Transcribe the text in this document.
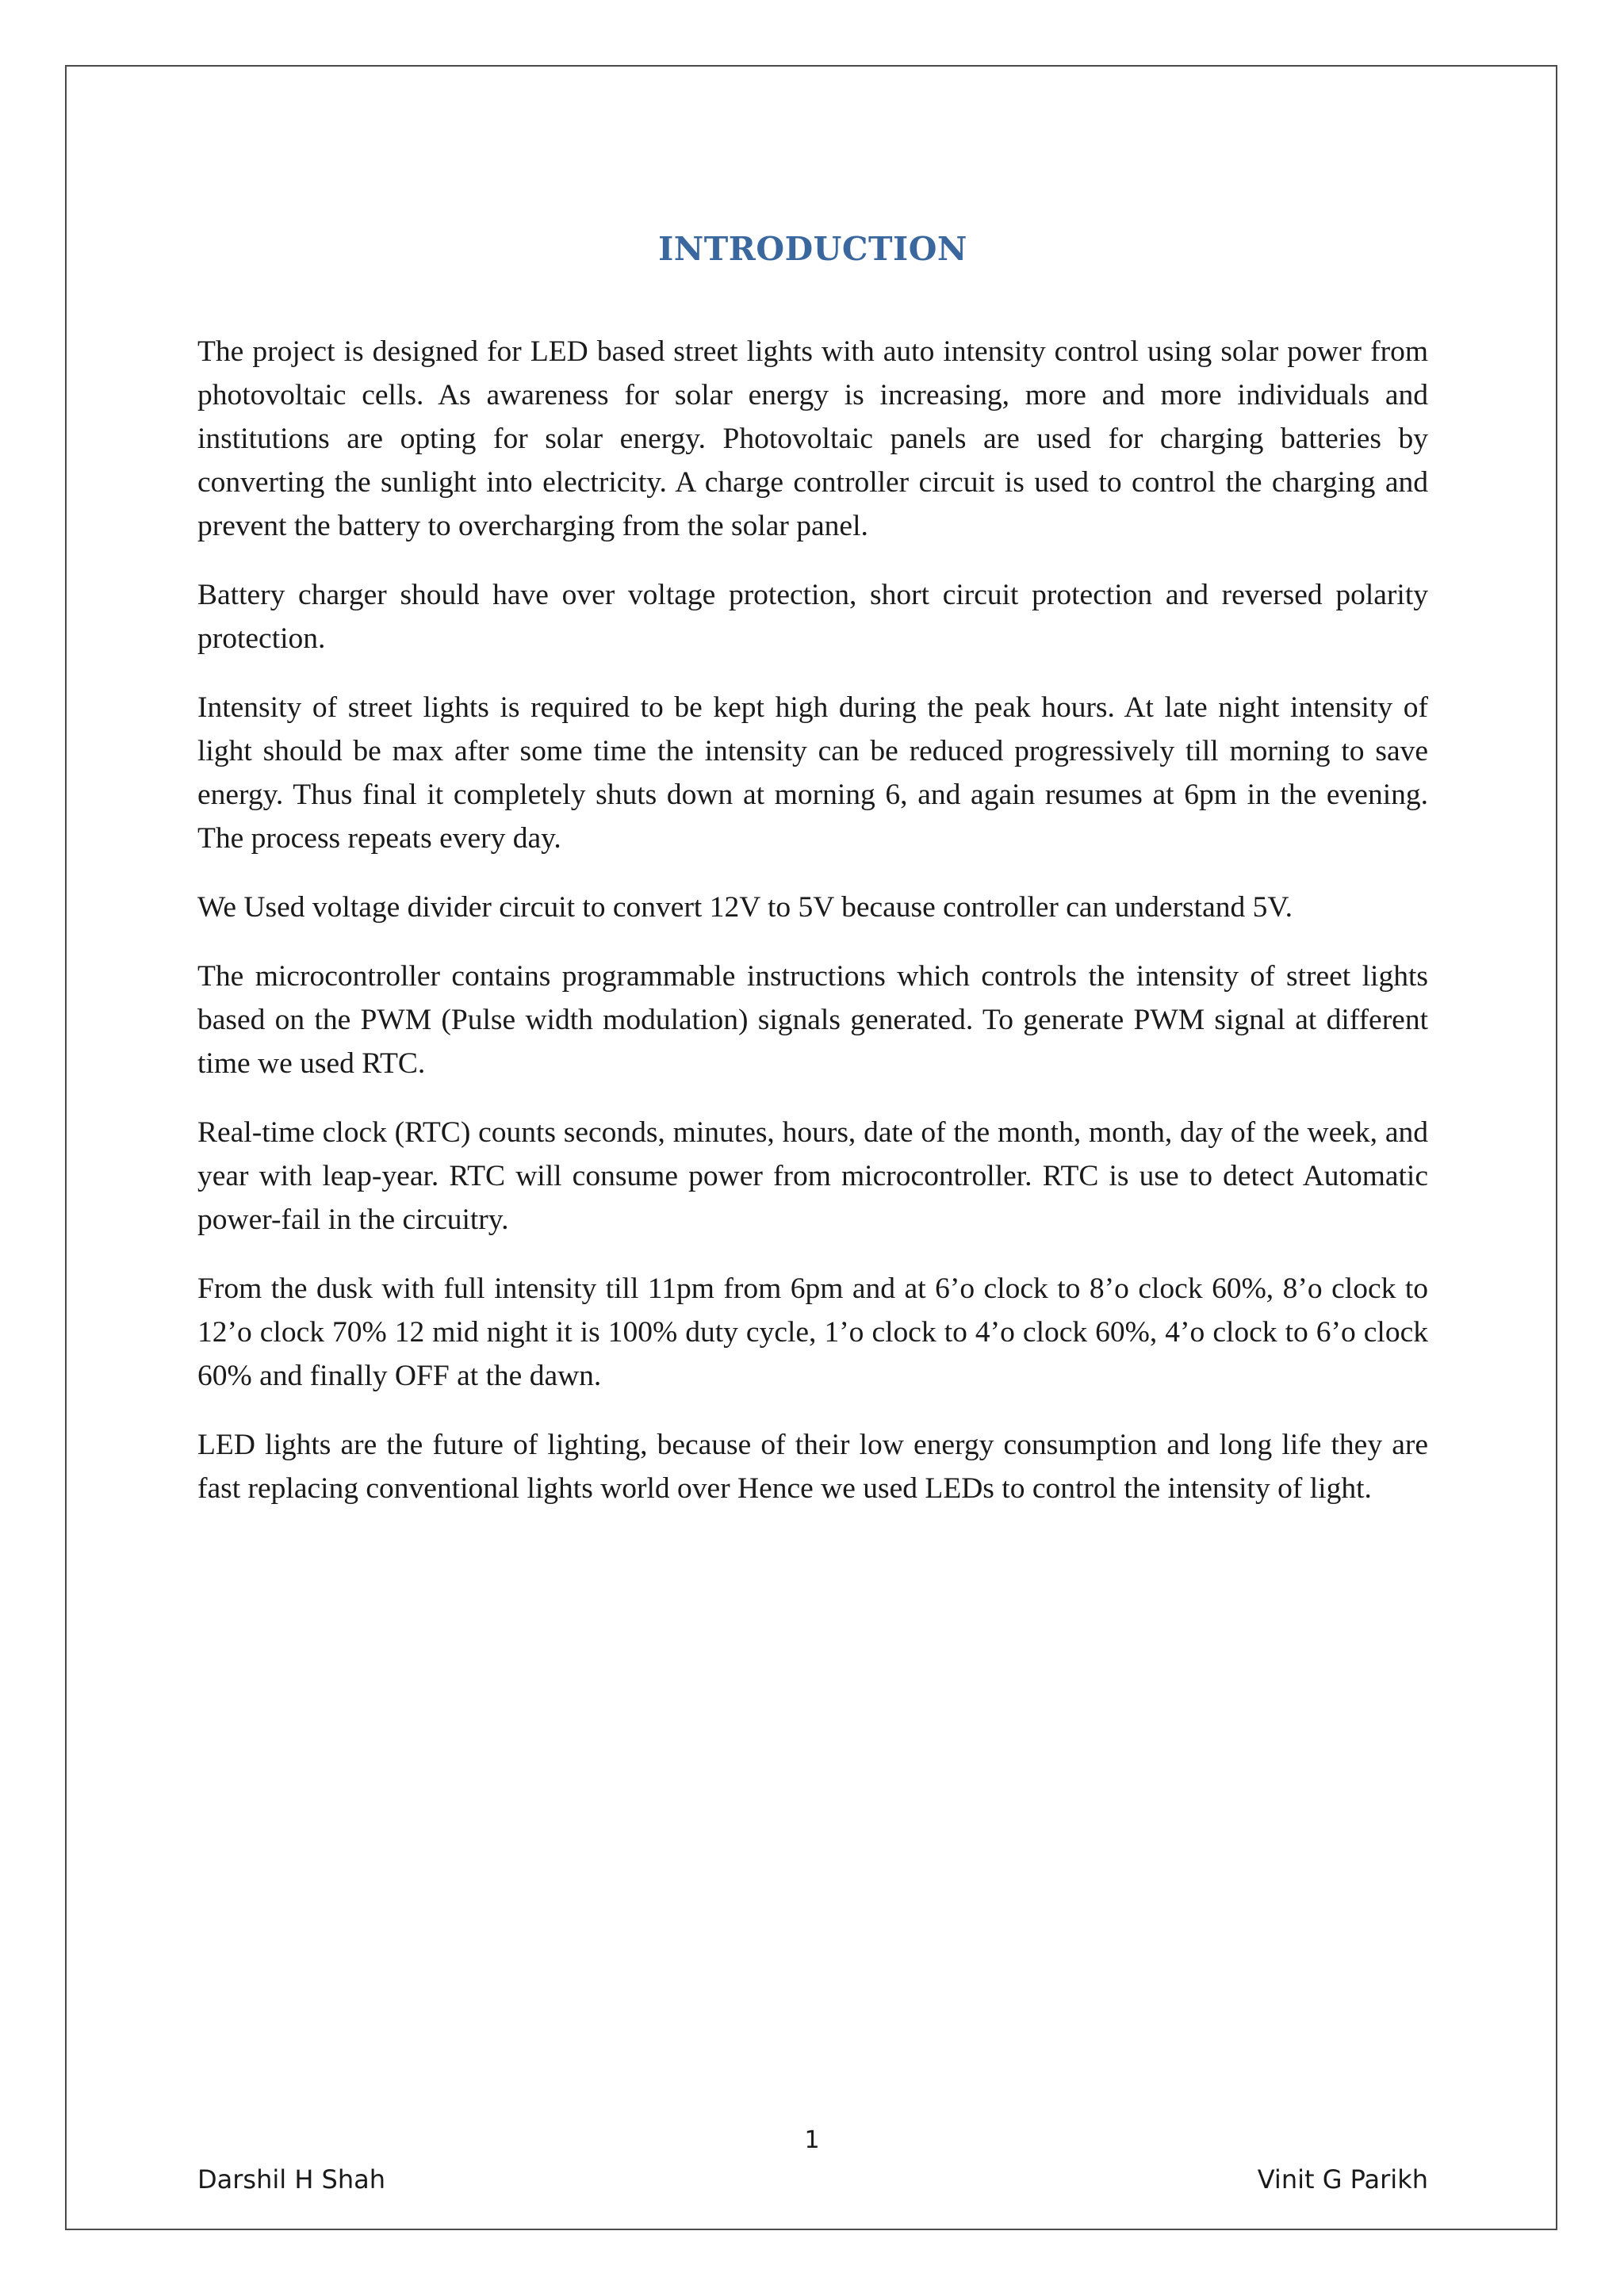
INTRODUCTION

The project is designed for LED based street lights with auto intensity control using solar power from photovoltaic cells. As awareness for solar energy is increasing, more and more individuals and institutions are opting for solar energy. Photovoltaic panels are used for charging batteries by converting the sunlight into electricity. A charge controller circuit is used to control the charging and prevent the battery to overcharging from the solar panel.

Battery charger should have over voltage protection, short circuit protection and reversed polarity protection.

Intensity of street lights is required to be kept high during the peak hours. At late night intensity of light should be max after some time the intensity can be reduced progressively till morning to save energy. Thus final it completely shuts down at morning 6, and again resumes at 6pm in the evening. The process repeats every day.

We Used voltage divider circuit to convert 12V to 5V because controller can understand 5V.

The microcontroller contains programmable instructions which controls the intensity of street lights based on the PWM (Pulse width modulation) signals generated. To generate PWM signal at different time we used RTC.

Real-time clock (RTC) counts seconds, minutes, hours, date of the month, month, day of the week, and year with leap-year. RTC will consume power from microcontroller. RTC is use to detect Automatic power-fail in the circuitry.

From the dusk with full intensity till 11pm from 6pm and at 6’o clock to 8’o clock 60%, 8’o clock to 12’o clock 70% 12 mid night it is 100% duty cycle, 1’o clock to 4’o clock 60%, 4’o clock to 6’o clock 60% and finally OFF at the dawn.

LED lights are the future of lighting, because of their low energy consumption and long life they are fast replacing conventional lights world over Hence we used LEDs to control the intensity of light.

1
Darshil H Shah	Vinit G Parikh
